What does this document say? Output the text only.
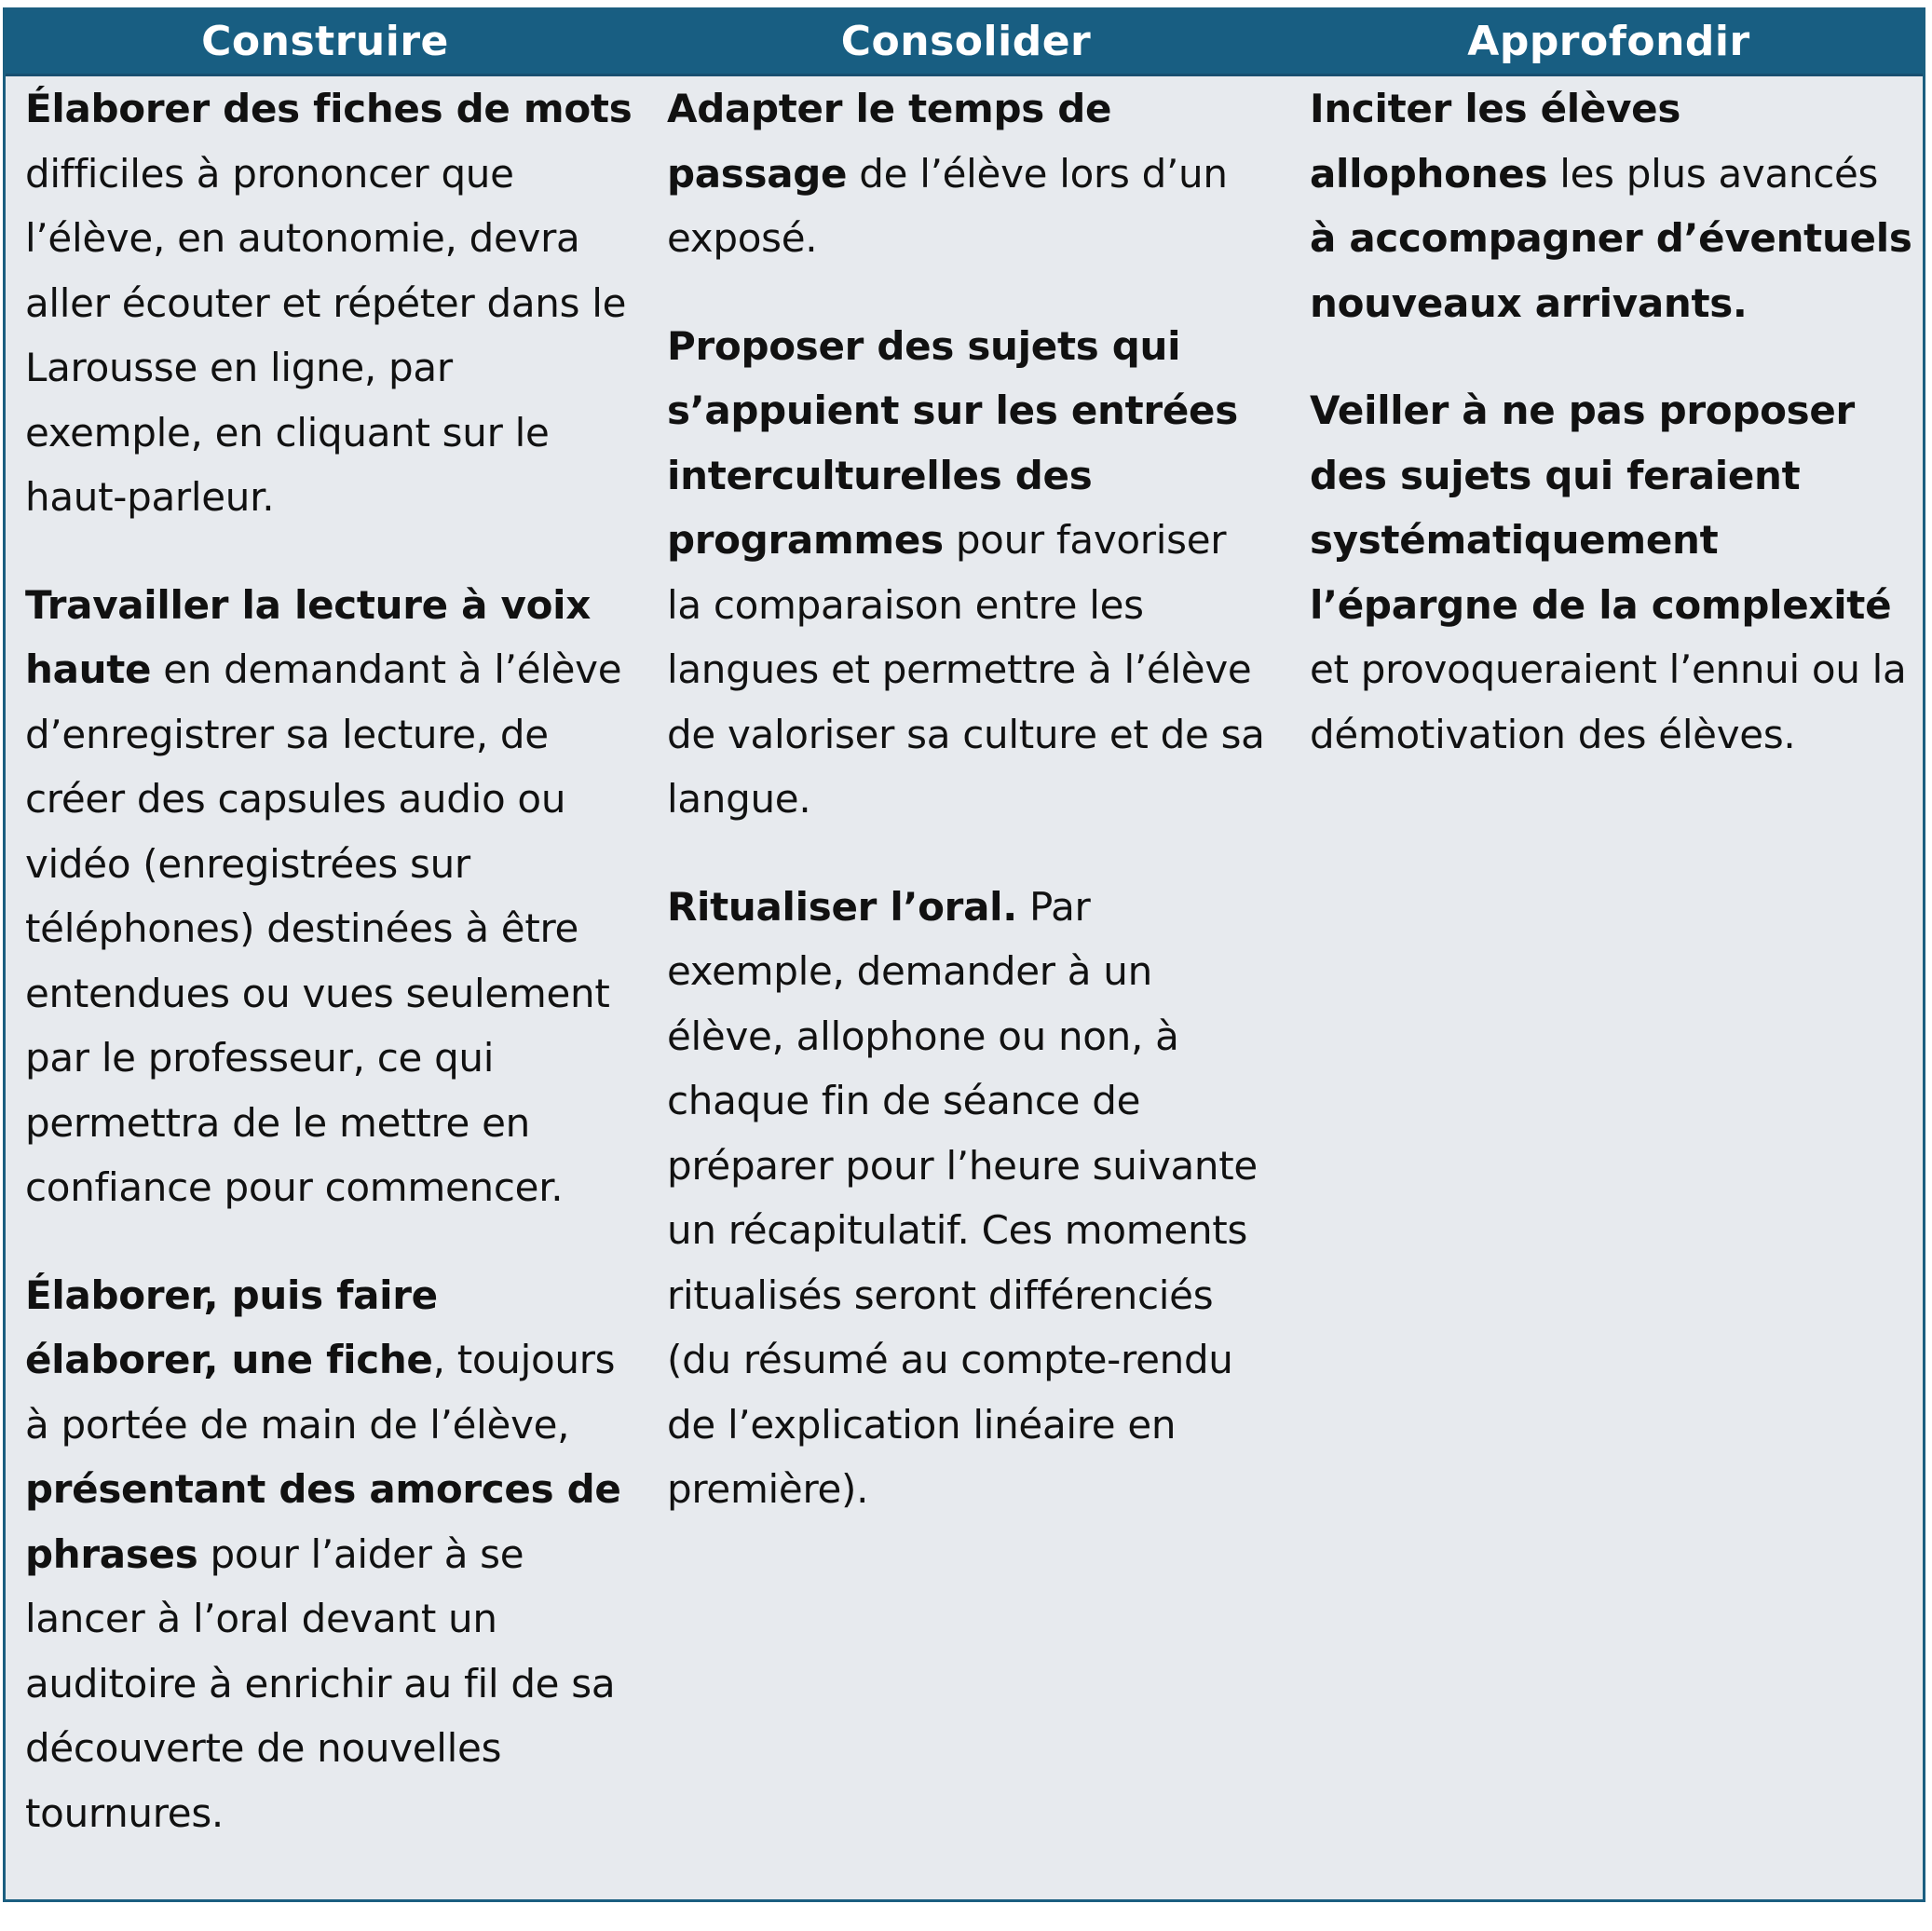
Construire	Consolider	Approfondir

Élaborer des fiches de mots difficiles à prononcer que l’élève, en autonomie, devra aller écouter et répéter dans le Larousse en ligne, par exemple, en cliquant sur le haut-parleur.

Travailler la lecture à voix haute en demandant à l’élève d’enregistrer sa lecture, de créer des capsules audio ou vidéo (enregistrées sur téléphones) destinées à être entendues ou vues seulement par le professeur, ce qui permettra de le mettre en confiance pour commencer.

Élaborer, puis faire élaborer, une fiche, toujours à portée de main de l’élève, présentant des amorces de phrases pour l’aider à se lancer à l’oral devant un auditoire à enrichir au fil de sa découverte de nouvelles tournures.

Adapter le temps de passage de l’élève lors d’un exposé.

Proposer des sujets qui s’appuient sur les entrées interculturelles des programmes pour favoriser la comparaison entre les langues et permettre à l’élève de valoriser sa culture et de sa langue.

Ritualiser l’oral. Par exemple, demander à un élève, allophone ou non, à chaque fin de séance de préparer pour l’heure suivante un récapitulatif. Ces moments ritualisés seront différenciés (du résumé au compte-rendu de l’explication linéaire en première).

Inciter les élèves allophones les plus avancés à accompagner d’éventuels nouveaux arrivants.

Veiller à ne pas proposer des sujets qui feraient systématiquement l’épargne de la complexité et provoqueraient l’ennui ou la démotivation des élèves.
